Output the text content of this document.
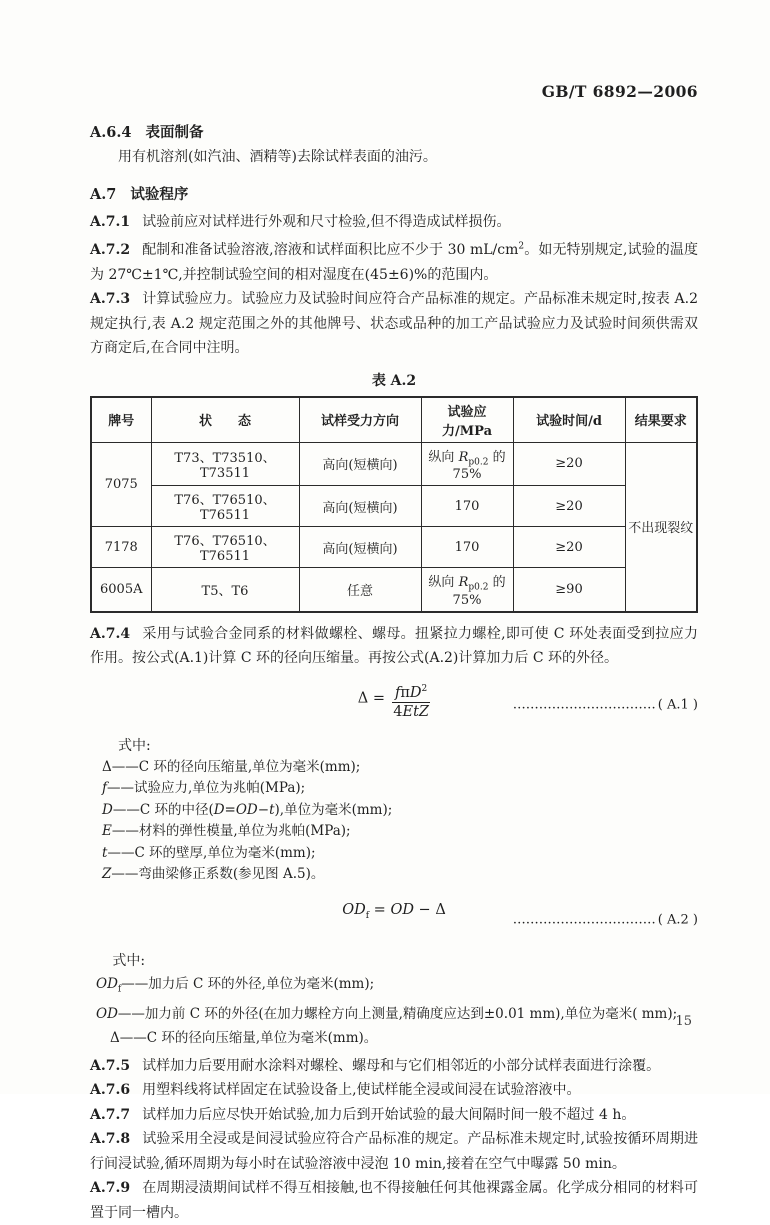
GB/T 6892—2006
A.6.4 表面制备

用有机溶剂(如汽油、酒精等)去除试样表面的油污。

A.7 试验程序

A.7.1 试验前应对试样进行外观和尺寸检验,但不得造成试样损伤。

A.7.2 配制和准备试验溶液,溶液和试样面积比应不少于 30 $mL/cm^2$。如无特别规定,试验的温度为 27℃±1℃,并控制试验空间的相对湿度在(45±6)%的范围内。

A.7.3 计算试验应力。试验应力及试验时间应符合产品标准的规定。产品标准未规定时,按表 A.2 规定执行,表 A.2 规定范围之外的其他牌号、状态或品种的加工产品试验应力及试验时间须供需双方商定后,在合同中注明。

表 A.2
牌号	状　　态	试样受力方向	试验应力/MPa	试验时间/d	结果要求
7075	T73、T73510、T73511	高向(短横向)	纵向 $R_{p0.2}$ 的 75%	≥20	不出现裂纹
	T76、T76510、T76511	高向(短横向)	170	≥20	
7178	T76、T76510、T76511	高向(短横向)	170	≥20	
6005A	T5、T6	任意	纵向 $R_{p0.2}$ 的 75%	≥90	

A.7.4 采用与试验合金同系的材料做螺栓、螺母。扭紧拉力螺栓,即可使 C 环处表面受到拉应力作用。按公式(A.1)计算 C 环的径向压缩量。再按公式(A.2)计算加力后 C 环的外径。

$\Delta = \frac{f\pi D^2}{\text{4EtZ}}$	…………………………… ( A.1 )
式中:
Δ——C 环的径向压缩量,单位为毫米(mm);
f——试验应力,单位为兆帕(MPa);
D——C 环的中径(D=OD−t),单位为毫米(mm);
E——材料的弹性模量,单位为兆帕(MPa);
t——C 环的壁厚,单位为毫米(mm);
Z——弯曲梁修正系数(参见图 A.5)。
$OD_f$ = OD − Δ
…………………………… ( A.2 )
式中:
$OD_f——$加力后 C 环的外径,单位为毫米(mm);
OD——加力前 C 环的外径(在加力螺栓方向上测量,精确度应达到±0.01 mm),单位为毫米( mm);
Δ——C 环的径向压缩量,单位为毫米(mm)。

A.7.5 试样加力后要用耐水涂料对螺栓、螺母和与它们相邻近的小部分试样表面进行涂覆。

A.7.6 用塑料线将试样固定在试验设备上,使试样能全浸或间浸在试验溶液中。

A.7.7 试样加力后应尽快开始试验,加力后到开始试验的最大间隔时间一般不超过 4 h。

A.7.8 试验采用全浸或是间浸试验应符合产品标准的规定。产品标准未规定时,试验按循环周期进行间浸试验,循环周期为每小时在试验溶液中浸泡 10 min,接着在空气中曝露 50 min。

A.7.9 在周期浸渍期间试样不得互相接触,也不得接触任何其他裸露金属。化学成分相同的材料可置于同一槽内。

15
